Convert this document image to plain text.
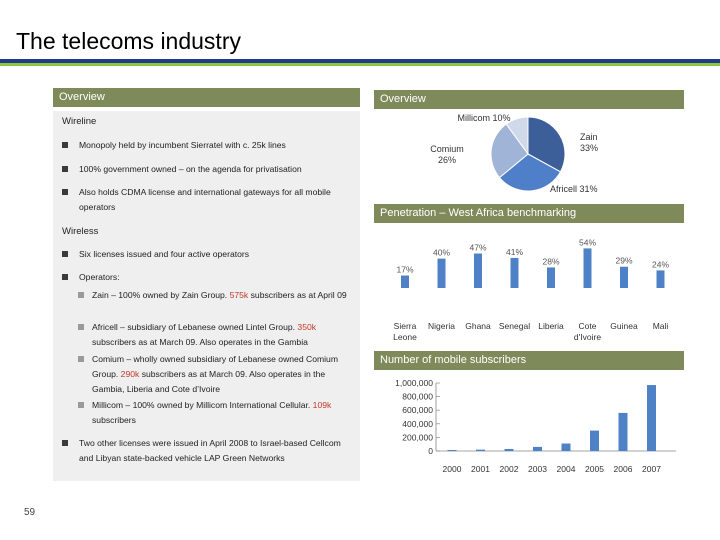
The telecoms industry
Overview
Wireline
Monopoly held by incumbent Sierratel with c. 25k lines
100% government owned – on the agenda for privatisation
Also holds CDMA license and international gateways for all mobile operators
Wireless
Six licenses issued and four active operators
Operators:
Zain – 100% owned by Zain Group. 575k subscribers as at April 09
Africell – subsidiary of Lebanese owned Lintel Group. 350k subscribers as at March 09. Also operates in the Gambia
Comium – wholly owned subsidiary of Lebanese owned Comium Group. 290k subscribers as at March 09. Also operates in the Gambia, Liberia and Cote d’Ivoire
Millicom – 100% owned by Millicom International Cellular. 109k subscribers
Two other licenses were issued in April 2008 to Israel-based Cellcom and Libyan state-backed vehicle LAP Green Networks
59
Overview
Penetration – West Africa benchmarking
Number of mobile subscribers
Zain 33%
Africell 31%
Comium 26%
Millicom 10%
17%
Sierra
Leone
40%
Nigeria
47%
Ghana
41%
Senegal
28%
Liberia
54%
Cote
d'Ivoire
29%
Guinea
24%
Mali
0
200,000
400,000
600,000
800,000
1,000,000
2000 2001 2002 2003 2004 2005 2006 2007
